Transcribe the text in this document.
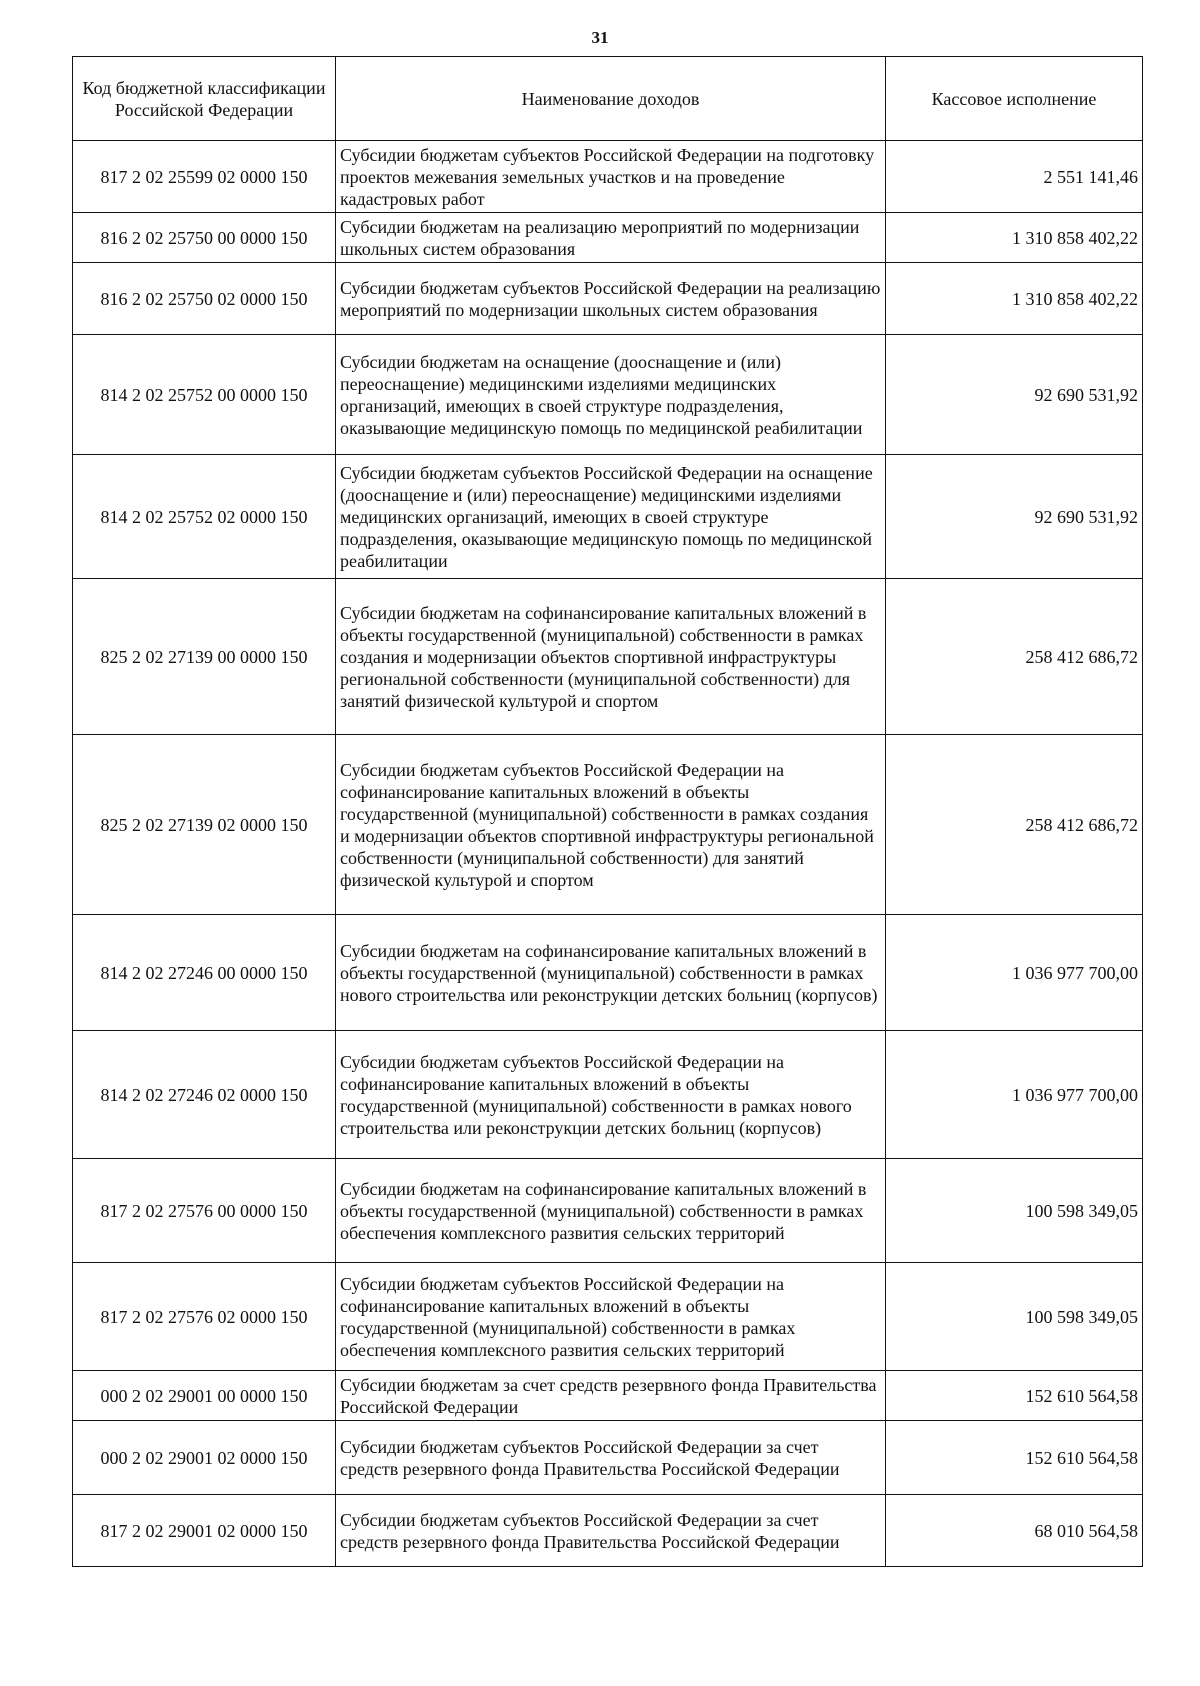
31
Код бюджетной классификации Российской Федерации	Наименование доходов	Кассовое исполнение
817 2 02 25599 02 0000 150	Субсидии бюджетам субъектов Российской Федерации на подготовку проектов межевания земельных участков и на проведение кадастровых работ	2 551 141,46
816 2 02 25750 00 0000 150	Субсидии бюджетам на реализацию мероприятий по модернизации школьных систем образования	1 310 858 402,22
816 2 02 25750 02 0000 150	Субсидии бюджетам субъектов Российской Федерации на реализацию мероприятий по модернизации школьных систем образования	1 310 858 402,22
814 2 02 25752 00 0000 150	Субсидии бюджетам на оснащение (дооснащение и (или) переоснащение) медицинскими изделиями медицинских организаций, имеющих в своей структуре подразделения, оказывающие медицинскую помощь по медицинской реабилитации	92 690 531,92
814 2 02 25752 02 0000 150	Субсидии бюджетам субъектов Российской Федерации на оснащение (дооснащение и (или) переоснащение) медицинскими изделиями медицинских организаций, имеющих в своей структуре подразделения, оказывающие медицинскую помощь по медицинской реабилитации	92 690 531,92
825 2 02 27139 00 0000 150	Субсидии бюджетам на софинансирование капитальных вложений в объекты государственной (муниципальной) собственности в рамках создания и модернизации объектов спортивной инфраструктуры региональной собственности (муниципальной собственности) для занятий физической культурой и спортом	258 412 686,72
825 2 02 27139 02 0000 150	Субсидии бюджетам субъектов Российской Федерации на софинансирование капитальных вложений в объекты государственной (муниципальной) собственности в рамках создания и модернизации объектов спортивной инфраструктуры региональной собственности (муниципальной собственности) для занятий физической культурой и спортом	258 412 686,72
814 2 02 27246 00 0000 150	Субсидии бюджетам на софинансирование капитальных вложений в объекты государственной (муниципальной) собственности в рамках нового строительства или реконструкции детских больниц (корпусов)	1 036 977 700,00
814 2 02 27246 02 0000 150	Субсидии бюджетам субъектов Российской Федерации на софинансирование капитальных вложений в объекты государственной (муниципальной) собственности в рамках нового строительства или реконструкции детских больниц (корпусов)	1 036 977 700,00
817 2 02 27576 00 0000 150	Субсидии бюджетам на софинансирование капитальных вложений в объекты государственной (муниципальной) собственности в рамках обеспечения комплексного развития сельских территорий	100 598 349,05
817 2 02 27576 02 0000 150	Субсидии бюджетам субъектов Российской Федерации на софинансирование капитальных вложений в объекты государственной (муниципальной) собственности в рамках обеспечения комплексного развития сельских территорий	100 598 349,05
000 2 02 29001 00 0000 150	Субсидии бюджетам за счет средств резервного фонда Правительства Российской Федерации	152 610 564,58
000 2 02 29001 02 0000 150	Субсидии бюджетам субъектов Российской Федерации за счет средств резервного фонда Правительства Российской Федерации	152 610 564,58
817 2 02 29001 02 0000 150	Субсидии бюджетам субъектов Российской Федерации за счет средств резервного фонда Правительства Российской Федерации	68 010 564,58
